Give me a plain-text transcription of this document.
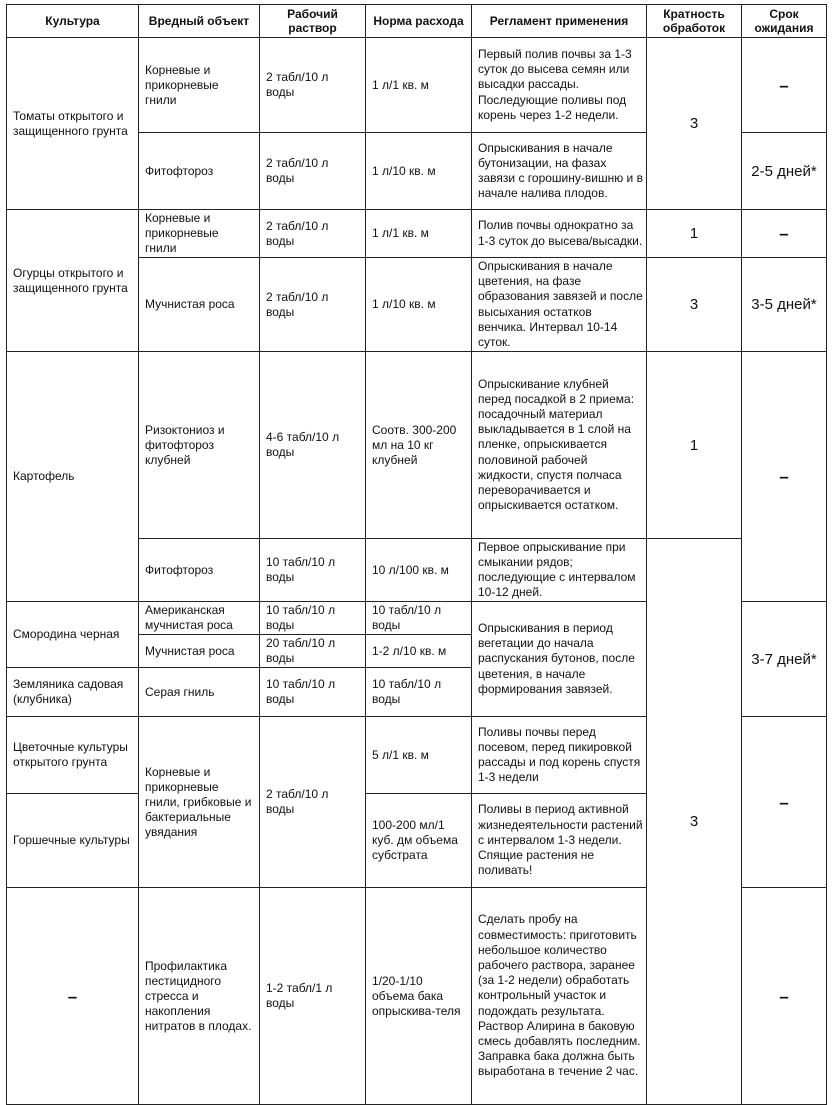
Культура	Вредный объект	Рабочий раствор	Норма расхода	Регламент применения	Кратность обработок	Срок ожидания	
Томаты открытого и защищенного грунта	Корневые и прикорневые гнили	2 табл/10 л воды	1 л/1 кв. м	Первый полив почвы за 1-3 суток до высева семян или высадки рассады. Последующие поливы под корень через 1-2 недели.	3	–	
	Фитофтороз	2 табл/10 л воды	1 л/10 кв. м	Опрыскивания в начале бутонизации, на фазах завязи с горошину-вишню и в начале налива плодов.		2-5 дней*	
Огурцы открытого и защищенного грунта	Корневые и прикорневые гнили	2 табл/10 л воды	1 л/1 кв. м	Полив почвы однократно за 1-3 суток до высева/высадки.	1	–	
	Мучнистая роса	2 табл/10 л воды	1 л/10 кв. м	Опрыскивания в начале цветения, на фазе образования завязей и после высыхания остатков венчика. Интервал 10-14 суток.	3	3-5 дней*	
Картофель	Ризоктониоз и фитофтороз клубней	4-6 табл/10 л воды	Соотв. 300-200 мл на 10 кг клубней	Опрыскивание клубней перед посадкой в 2 приема: посадочный материал выкладывается в 1 слой на пленке, опрыскивается половиной рабочей жидкости, спустя полчаса переворачивается и опрыскивается остатком.	1	–	
	Фитофтороз	10 табл/10 л воды	10 л/100 кв. м	Первое опрыскивание при смыкании рядов; последующие с интервалом 10-12 дней.	3		
Смородина черная	Американская мучнистая роса	10 табл/10 л воды	10 табл/10 л воды	Опрыскивания в период вегетации до начала распускания бутонов, после цветения, в начале формирования завязей.		3-7 дней*	
	Мучнистая роса	20 табл/10 л воды	1-2 л/10 кв. м				
Земляника садовая (клубника)	Серая гниль	10 табл/10 л воды	10 табл/10 л воды				
Цветочные культуры открытого грунта	Корневые и прикорневые гнили, грибковые и бактериальные увядания	2 табл/10 л воды	5 л/1 кв. м	Поливы почвы перед посевом, перед пикировкой рассады и под корень спустя 1-3 недели		–	
Горшечные культуры			100-200 мл/1 куб. дм объема субстрата	Поливы в период активной жизнедеятельности растений с интервалом 1-3 недели. Спящие растения не поливать!			
–	Профилактика пестицидного стресса и накопления нитратов в плодах.	1-2 табл/1 л воды	1/20-1/10 объема бака опрыскива-теля	Сделать пробу на совместимость: приготовить небольшое количество рабочего раствора, заранее (за 1-2 недели) обработать контрольный участок и подождать результата. Раствор Алирина в баковую смесь добавлять последним. Заправка бака должна быть выработана в течение 2 час.		–	
